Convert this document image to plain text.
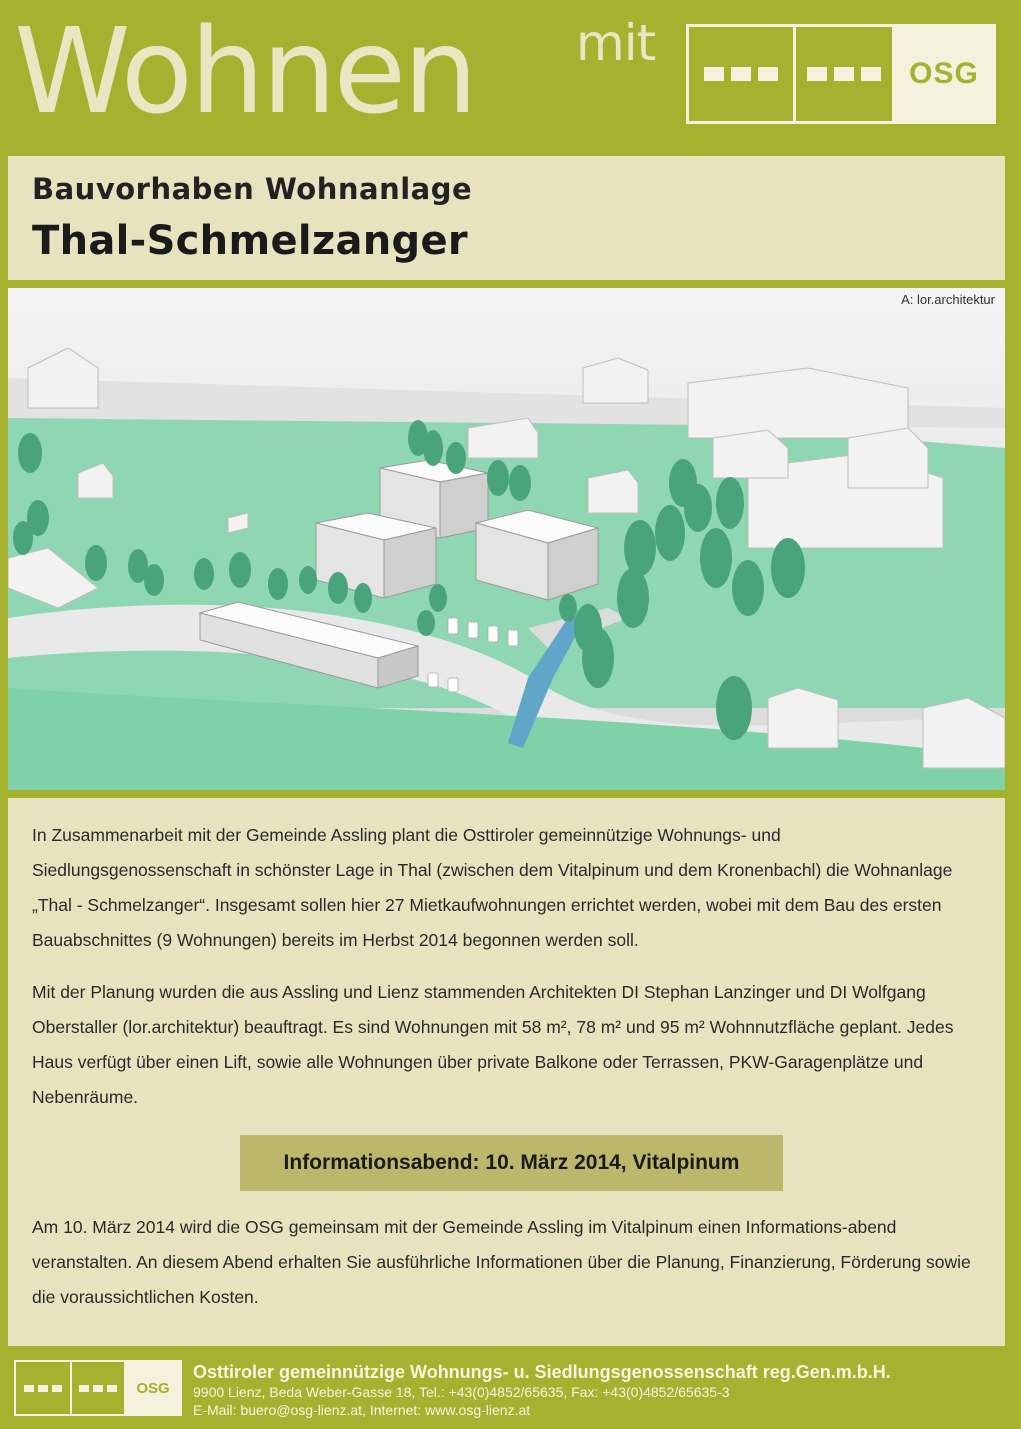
Wohnen mit
OSG
Bauvorhaben Wohnanlage
Thal-Schmelzanger
A: lor.architektur

In Zusammenarbeit mit der Gemeinde Assling plant die Osttiroler gemeinnützige Wohnungs- und Siedlungsgenossenschaft in schönster Lage in Thal (zwischen dem Vitalpinum und dem Kronenbachl) die Wohnanlage „Thal - Schmelzanger“. Insgesamt sollen hier 27 Mietkaufwohnungen errichtet werden, wobei mit dem Bau des ersten Bauabschnittes (9 Wohnungen) bereits im Herbst 2014 begonnen werden soll.

Mit der Planung wurden die aus Assling und Lienz stammenden Architekten DI Stephan Lanzinger und DI Wolfgang Oberstaller (lor.architektur) beauftragt. Es sind Wohnungen mit 58 m², 78 m² und 95 m² Wohnnutzfläche geplant. Jedes Haus verfügt über einen Lift, sowie alle Wohnungen über private Balkone oder Terrassen, PKW-Garagenplätze und Nebenräume.

Informationsabend: 10. März 2014, Vitalpinum

Am 10. März 2014 wird die OSG gemeinsam mit der Gemeinde Assling im Vitalpinum einen Informations-abend veranstalten. An diesem Abend erhalten Sie ausführliche Informationen über die Planung, Finanzierung, Förderung sowie die voraussichtlichen Kosten.

OSG
Osttiroler gemeinnützige Wohnungs- u. Siedlungsgenossenschaft reg.Gen.m.b.H.
9900 Lienz, Beda Weber-Gasse 18, Tel.: +43(0)4852/65635, Fax: +43(0)4852/65635-3
E-Mail: buero@osg-lienz.at, Internet: www.osg-lienz.at
